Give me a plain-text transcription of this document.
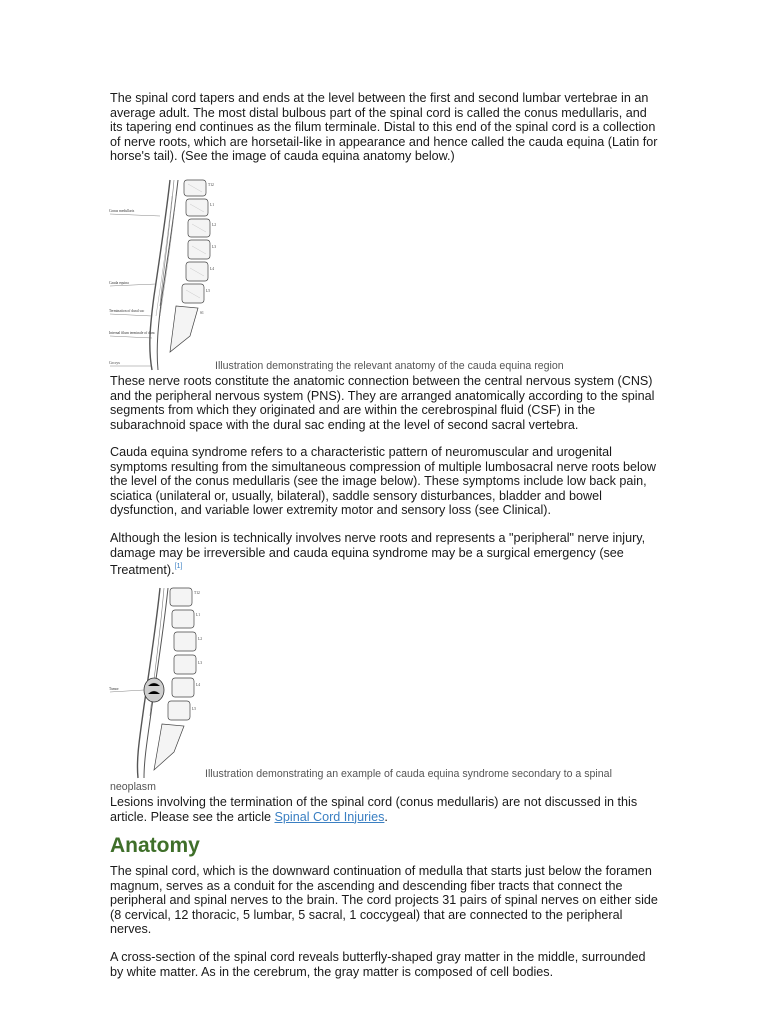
The spinal cord tapers and ends at the level between the first and second lumbar vertebrae in an average adult. The most distal bulbous part of the spinal cord is called the conus medullaris, and its tapering end continues as the filum terminale. Distal to this end of the spinal cord is a collection of nerve roots, which are horsetail-like in appearance and hence called the cauda equina (Latin for horse's tail). (See the image of cauda equina anatomy below.)

Conus medullaris
Cauda equina
Termination of dural sac
Internal filum terminale of dura
Coccyx
T12
L1
L2
L3
L4
L5
S1
Illustration demonstrating the relevant anatomy of the cauda equina region

These nerve roots constitute the anatomic connection between the central nervous system (CNS) and the peripheral nervous system (PNS). They are arranged anatomically according to the spinal segments from which they originated and are within the cerebrospinal fluid (CSF) in the subarachnoid space with the dural sac ending at the level of second sacral vertebra.

Cauda equina syndrome refers to a characteristic pattern of neuromuscular and urogenital symptoms resulting from the simultaneous compression of multiple lumbosacral nerve roots below the level of the conus medullaris (see the image below). These symptoms include low back pain, sciatica (unilateral or, usually, bilateral), saddle sensory disturbances, bladder and bowel dysfunction, and variable lower extremity motor and sensory loss (see Clinical).

Although the lesion is technically involves nerve roots and represents a "peripheral" nerve injury, damage may be irreversible and cauda equina syndrome may be a surgical emergency (see Treatment).[1]

Tumor
T12
L1
L2
L3
L4
L5
Illustration demonstrating an example of cauda equina syndrome secondary to a spinal
neoplasm

Lesions involving the termination of the spinal cord (conus medullaris) are not discussed in this article. Please see the article Spinal Cord Injuries.

Anatomy

The spinal cord, which is the downward continuation of medulla that starts just below the foramen magnum, serves as a conduit for the ascending and descending fiber tracts that connect the peripheral and spinal nerves to the brain. The cord projects 31 pairs of spinal nerves on either side (8 cervical, 12 thoracic, 5 lumbar, 5 sacral, 1 coccygeal) that are connected to the peripheral nerves.

A cross-section of the spinal cord reveals butterfly-shaped gray matter in the middle, surrounded by white matter. As in the cerebrum, the gray matter is composed of cell bodies.
